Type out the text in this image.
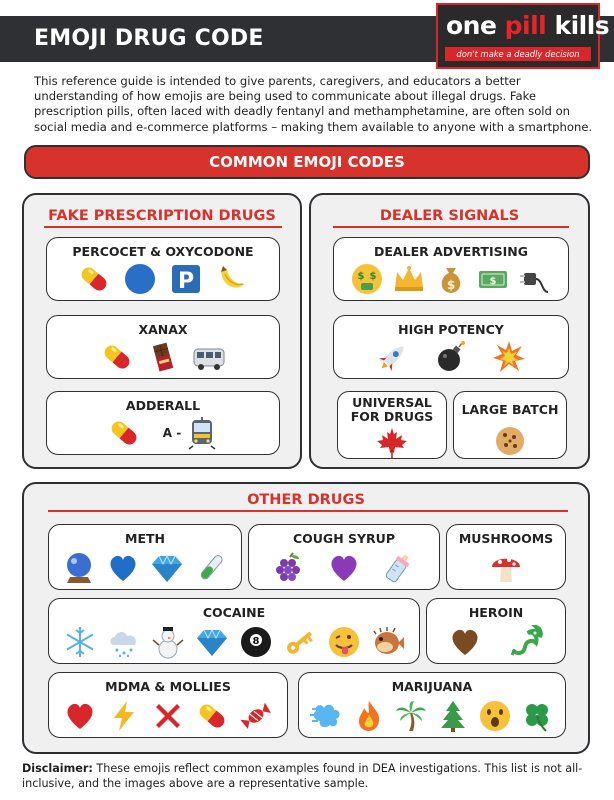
EMOJI DRUG CODE	one pill kills
don't make a deadly decision
This reference guide is intended to give parents, caregivers, and educators a better understanding of how emojis are being used to communicate about illegal drugs. Fake prescription pills, often laced with deadly fentanyl and methamphetamine, are often sold on social media and e-commerce platforms – making them available to anyone with a smartphone.
COMMON EMOJI CODES
FAKE PRESCRIPTION DRUGS
PERCOCET & OXYCODONE
XANAX
ADDERALL
A -
DEALER SIGNALS
DEALER ADVERTISING
HIGH POTENCY
UNIVERSAL
FOR DRUGS	LARGE BATCH
OTHER DRUGS
METH	COUGH SYRUP	MUSHROOMS
COCAINE	HEROIN
MDMA & MOLLIES	MARIJUANA
Disclaimer: These emojis reflect common examples found in DEA investigations. This list is not all-inclusive, and the images above are a representative sample.
